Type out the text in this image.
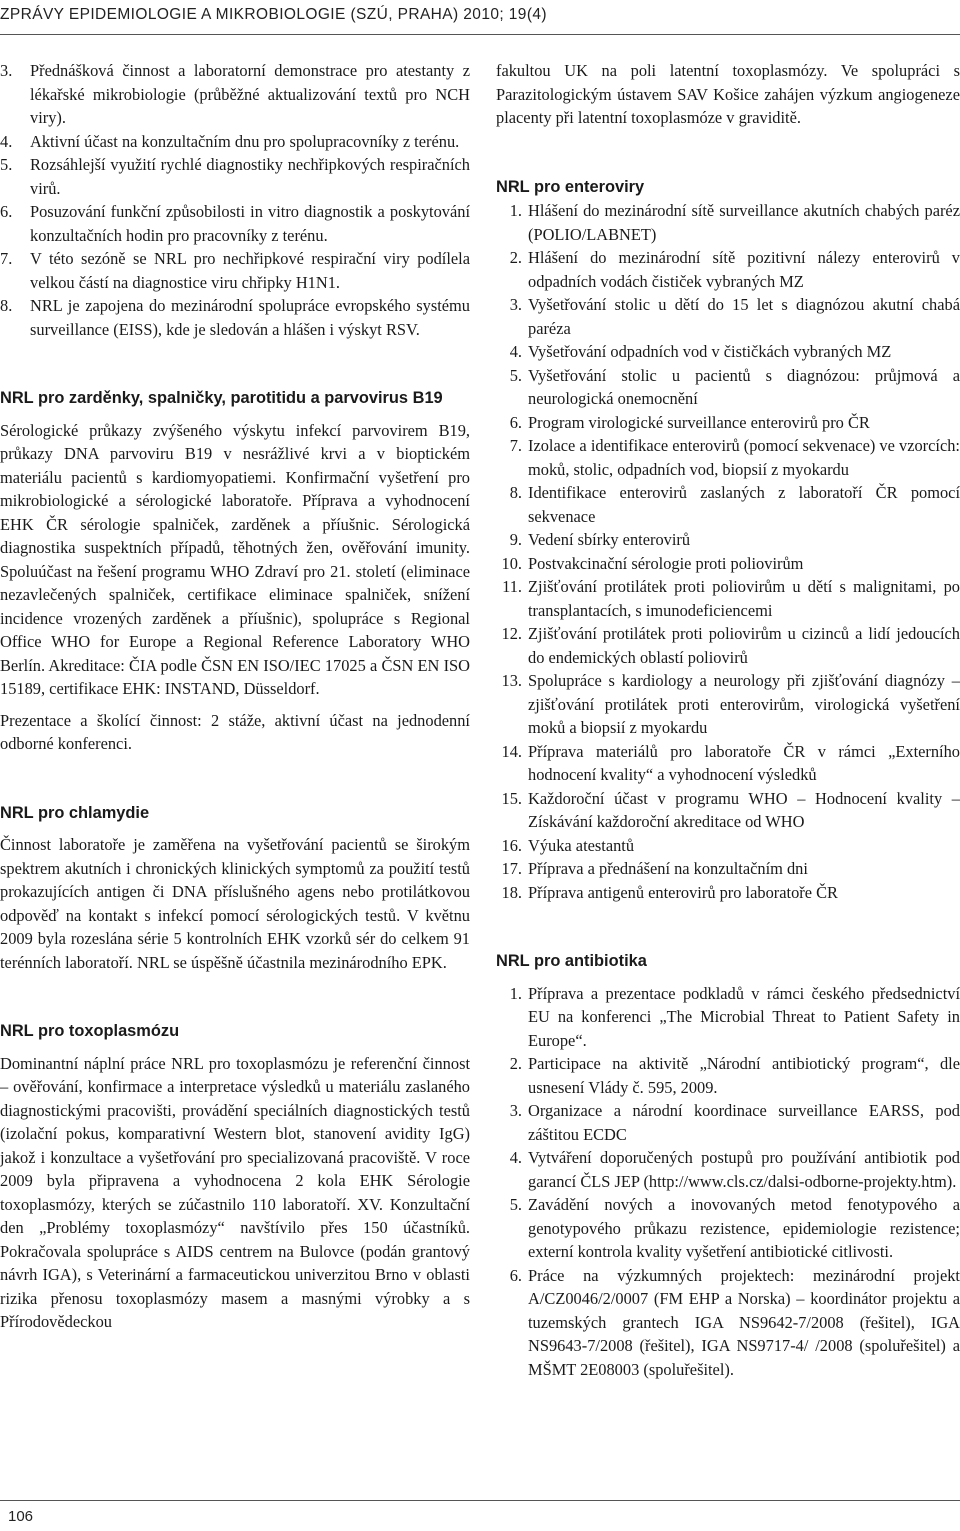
ZPRÁVY EPIDEMIOLOGIE A MIKROBIOLOGIE (SZÚ, PRAHA) 2010; 19(4)
3.	Přednášková činnost a laboratorní demonstrace pro atestanty z lékařské mikrobiologie (průběžné aktualizování textů pro NCH viry).
4.	Aktivní účast na konzultačním dnu pro spolupracovníky z terénu.
5.	Rozsáhlejší využití rychlé diagnostiky nechřipkových respiračních virů.
6.	Posuzování funkční způsobilosti in vitro diagnostik a poskytování konzultačních hodin pro pracovníky z terénu.
7.	V této sezóně se NRL pro nechřipkové respirační viry podílela velkou částí na diagnostice viru chřipky H1N1.
8.	NRL je zapojena do mezinárodní spolupráce evropského systému surveillance (EISS), kde je sledován a hlášen i výskyt RSV.
NRL pro zarděnky, spalničky, parotitidu a parvovirus B19

Sérologické průkazy zvýšeného výskytu infekcí parvovirem B19, průkazy DNA parvoviru B19 v nesrážlivé krvi a v bioptickém materiálu pacientů s kardiomyopatiemi. Konfirmační vyšetření pro mikrobiologické a sérologické laboratoře. Příprava a vyhodnocení EHK ČR sérologie spalniček, zarděnek a příušnic. Sérologická diagnostika suspektních případů, těhotných žen, ověřování imunity. Spoluúčast na řešení programu WHO Zdraví pro 21. století (eliminace nezavlečených spalniček, certifikace eliminace spalniček, snížení incidence vrozených zarděnek a příušnic), spolupráce s Regional Office WHO for Europe a Regional Reference Laboratory WHO Berlín. Akreditace: ČIA podle ČSN EN ISO/IEC 17025 a ČSN EN ISO 15189, certifikace EHK: INSTAND, Düsseldorf.

Prezentace a školící činnost: 2 stáže, aktivní účast na jednodenní odborné konferenci.

NRL pro chlamydie

Činnost laboratoře je zaměřena na vyšetřování pacientů se širokým spektrem akutních i chronických klinických symptomů za použití testů prokazujících antigen či DNA příslušného agens nebo protilátkovou odpověď na kontakt s infekcí pomocí sérologických testů. V květnu 2009 byla rozeslána série 5 kontrolních EHK vzorků sér do celkem 91 terénních laboratoří. NRL se úspěšně účastnila mezinárodního EPK.

NRL pro toxoplasmózu

Dominantní náplní práce NRL pro toxoplasmózu je referenční činnost – ověřování, konfirmace a interpretace výsledků u materiálu zaslaného diagnostickými pracovišti, provádění speciálních diagnostických testů (izolační pokus, komparativní Western blot, stanovení avidity IgG) jakož i konzultace a vyšetřování pro specializovaná pracoviště. V roce 2009 byla připravena a vyhodnocena 2 kola EHK Sérologie toxoplasmózy, kterých se zúčastnilo 110 laboratoří. XV. Konzultační den „Problémy toxoplasmózy“ navštívilo přes 150 účastníků. Pokračovala spolupráce s AIDS centrem na Bulovce (podán grantový návrh IGA), s Veterinární a farmaceutickou univerzitou Brno v oblasti rizika přenosu toxoplasmózy masem a masnými výrobky a s Přírodovědeckou

fakultou UK na poli latentní toxoplasmózy. Ve spolupráci s Parazitologickým ústavem SAV Košice zahájen výzkum angiogeneze placenty při latentní toxoplasmóze v graviditě.

NRL pro enteroviry
1. Hlášení do mezinárodní sítě surveillance akutních chabých paréz (POLIO/LABNET)
2. Hlášení do mezinárodní sítě pozitivní nálezy enterovirů v odpadních vodách čističek vybraných MZ
3. Vyšetřování stolic u dětí do 15 let s diagnózou akutní chabá paréza
4. Vyšetřování odpadních vod v čističkách vybraných MZ
5. Vyšetřování stolic u pacientů s diagnózou: průjmová a neurologická onemocnění
6. Program virologické surveillance enterovirů pro ČR
7. Izolace a identifikace enterovirů (pomocí sekvenace) ve vzorcích: moků, stolic, odpadních vod, biopsií z myokardu
8. Identifikace enterovirů zaslaných z laboratoří ČR pomocí sekvenace
9. Vedení sbírky enterovirů
10. Postvakcinační sérologie proti poliovirům
11. Zjišťování protilátek proti poliovirům u dětí s malignitami, po transplantacích, s imunodeficiencemi
12. Zjišťování protilátek proti poliovirům u cizinců a lidí jedoucích do endemických oblastí poliovirů
13. Spolupráce s kardiology a neurology při zjišťování diagnózy – zjišťování protilátek proti enterovirům, virologická vyšetření moků a biopsií z myokardu
14. Příprava materiálů pro laboratoře ČR v rámci „Externího hodnocení kvality“ a vyhodnocení výsledků
15. Každoroční účast v programu WHO – Hodnocení kvality – Získávání každoroční akreditace od WHO
16. Výuka atestantů
17. Příprava a přednášení na konzultačním dni
18. Příprava antigenů enterovirů pro laboratoře ČR
NRL pro antibiotika
1. Příprava a prezentace podkladů v rámci českého předsednictví EU na konferenci „The Microbial Threat to Patient Safety in Europe“.
2. Participace na aktivitě „Národní antibiotický program“, dle usnesení Vlády č. 595, 2009.
3. Organizace a národní koordinace surveillance EARSS, pod záštitou ECDC
4. Vytváření doporučených postupů pro používání antibiotik pod garancí ČLS JEP (http://www.cls.cz/dalsi-odborne-projekty.htm).
5. Zavádění nových a inovovaných metod fenotypového a genotypového průkazu rezistence, epidemiologie rezistence; externí kontrola kvality vyšetření antibiotické citlivosti.
6. Práce na výzkumných projektech: mezinárodní projekt A/CZ0046/2/0007 (FM EHP a Norska) – koordinátor projektu a tuzemských grantech IGA NS9642-7/2008 (řešitel), IGA NS9643-7/2008 (řešitel), IGA NS9717-4/ /2008 (spoluřešitel) a MŠMT 2E08003 (spoluřešitel).
106
